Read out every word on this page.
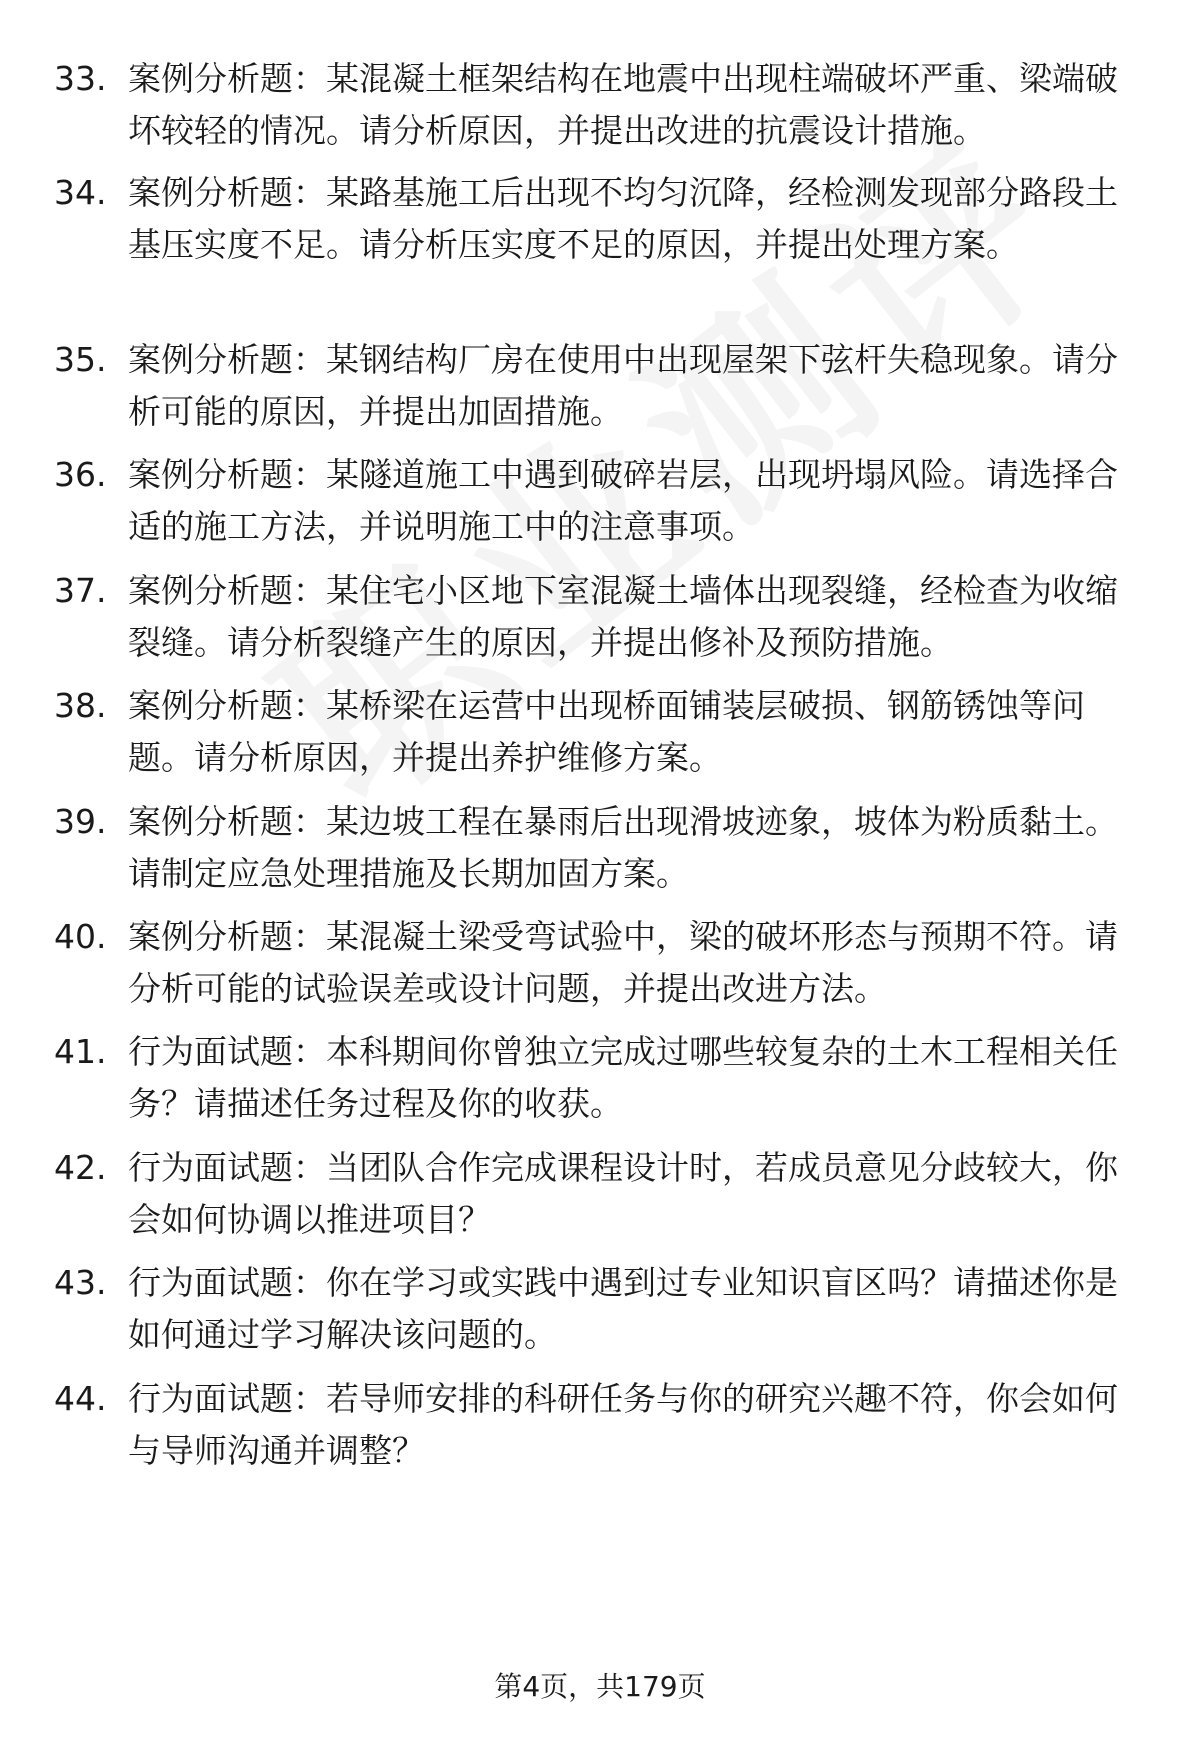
33. 案例分析题：某混凝土框架结构在地震中出现柱端破坏严重、梁端破坏较轻的情况。请分析原因，并提出改进的抗震设计措施。
34. 案例分析题：某路基施工后出现不均匀沉降，经检测发现部分路段土基压实度不足。请分析压实度不足的原因，并提出处理方案。
35. 案例分析题：某钢结构厂房在使用中出现屋架下弦杆失稳现象。请分析可能的原因，并提出加固措施。
36. 案例分析题：某隧道施工中遇到破碎岩层，出现坍塌风险。请选择合适的施工方法，并说明施工中的注意事项。
37. 案例分析题：某住宅小区地下室混凝土墙体出现裂缝，经检查为收缩裂缝。请分析裂缝产生的原因，并提出修补及预防措施。
38. 案例分析题：某桥梁在运营中出现桥面铺装层破损、钢筋锈蚀等问题。请分析原因，并提出养护维修方案。
39. 案例分析题：某边坡工程在暴雨后出现滑坡迹象，坡体为粉质黏土。请制定应急处理措施及长期加固方案。
40. 案例分析题：某混凝土梁受弯试验中，梁的破坏形态与预期不符。请分析可能的试验误差或设计问题，并提出改进方法。
41. 行为面试题：本科期间你曾独立完成过哪些较复杂的土木工程相关任务？请描述任务过程及你的收获。
42. 行为面试题：当团队合作完成课程设计时，若成员意见分歧较大，你会如何协调以推进项目？
43. 行为面试题：你在学习或实践中遇到过专业知识盲区吗？请描述你是如何通过学习解决该问题的。
44. 行为面试题：若导师安排的科研任务与你的研究兴趣不符，你会如何与导师沟通并调整？
第4页，共179页
